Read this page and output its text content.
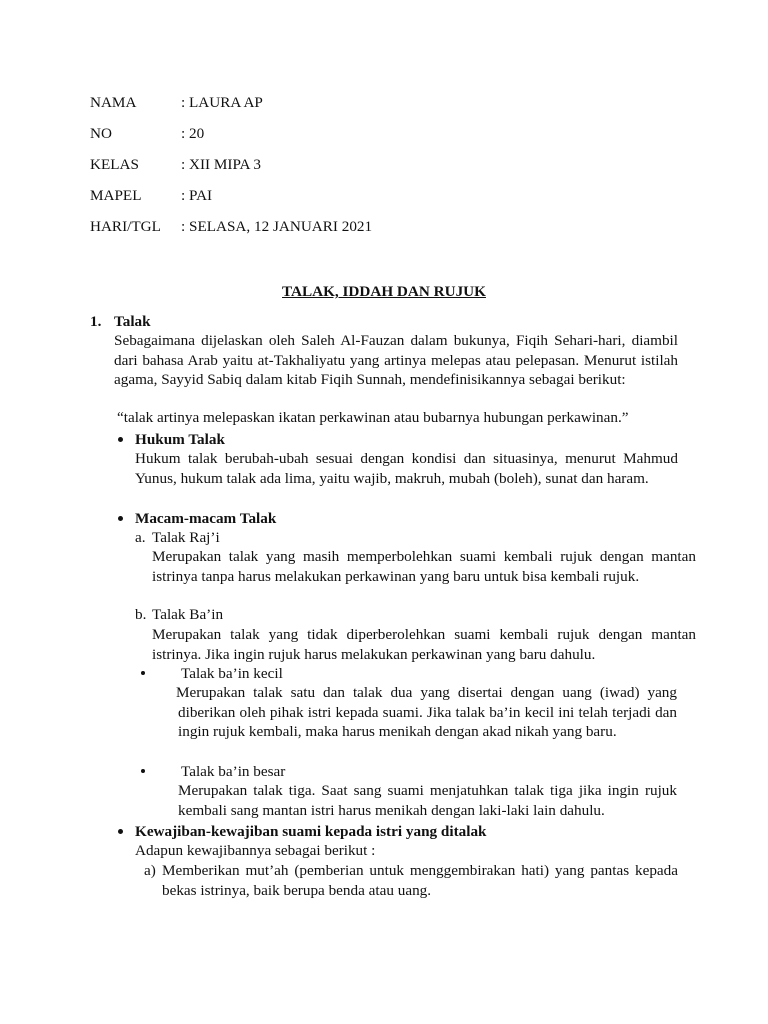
NAMA	: LAURA AP
NO	: 20
KELAS	: XII MIPA 3
MAPEL	: PAI
HARI/TGL : SELASA, 12 JANUARI 2021
TALAK, IDDAH DAN RUJUK
1. Talak
Sebagaimana dijelaskan oleh Saleh Al-Fauzan dalam bukunya, Fiqih Sehari-hari, diambil dari bahasa Arab yaitu at-Takhaliyatu yang artinya melepas atau pelepasan. Menurut istilah agama, Sayyid Sabiq dalam kitab Fiqih Sunnah, mendefinisikannya sebagai berikut:
“talak artinya melepaskan ikatan perkawinan atau bubarnya hubungan perkawinan.”
Hukum Talak
Hukum talak berubah-ubah sesuai dengan kondisi dan situasinya, menurut Mahmud Yunus, hukum talak ada lima, yaitu wajib, makruh, mubah (boleh), sunat dan haram.
Macam-macam Talak
a. Talak Raj’i
Merupakan talak yang masih memperbolehkan suami kembali rujuk dengan mantan istrinya tanpa harus melakukan perkawinan yang baru untuk bisa kembali rujuk.
b. Talak Ba’in
Merupakan talak yang tidak diperberolehkan suami kembali rujuk dengan mantan istrinya. Jika ingin rujuk harus melakukan perkawinan yang baru dahulu.
Talak ba’in kecil
Merupakan talak satu dan talak dua yang disertai dengan uang (iwad) yang diberikan oleh pihak istri kepada suami. Jika talak ba’in kecil ini telah terjadi dan ingin rujuk kembali, maka harus menikah dengan akad nikah yang baru.
Talak ba’in besar
Merupakan talak tiga. Saat sang suami menjatuhkan talak tiga jika ingin rujuk kembali sang mantan istri harus menikah dengan laki-laki lain dahulu.
Kewajiban-kewajiban suami kepada istri yang ditalak
Adapun kewajibannya sebagai berikut :
a) Memberikan mut’ah (pemberian untuk menggembirakan hati) yang pantas kepada bekas istrinya, baik berupa benda atau uang.
